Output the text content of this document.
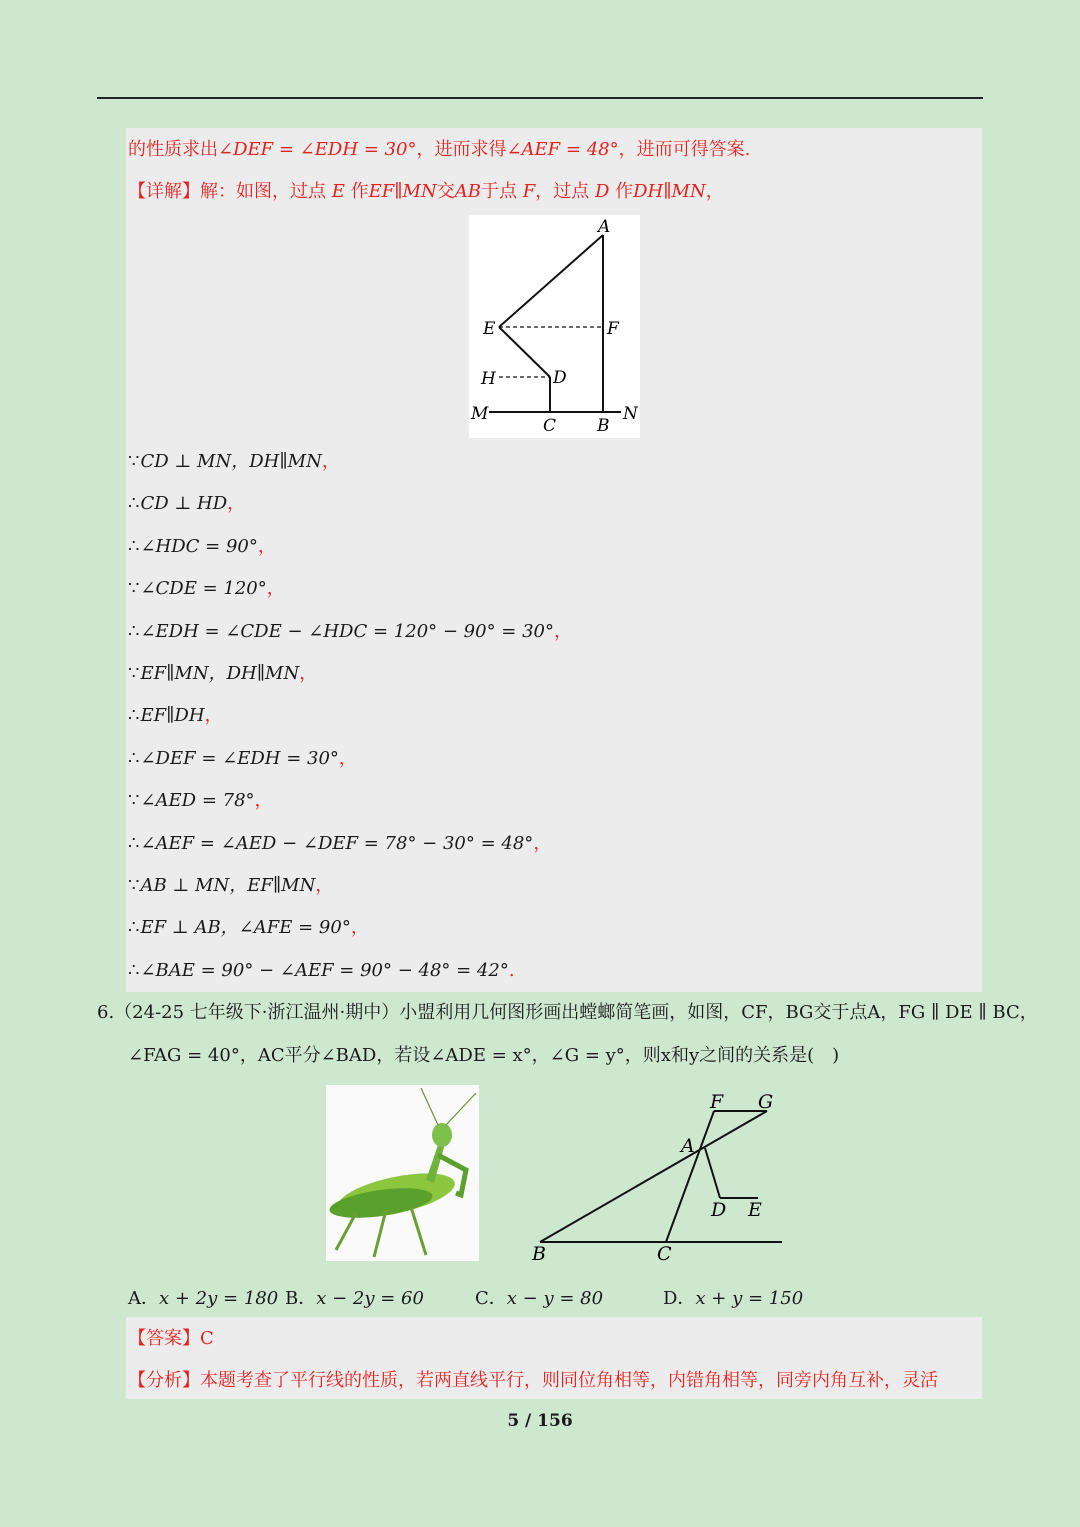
的性质求出∠DEF = ∠EDH = 30°，进而求得∠AEF = 48°，进而可得答案.
【详解】解：如图，过点 E 作EF∥MN交AB于点 F，过点 D 作DH∥MN，
A
E	F
H	D
M	N
C B
∵CD ⊥ MN，DH∥MN，
∴CD ⊥ HD，
∴∠HDC = 90°，
∵∠CDE = 120°，
∴∠EDH = ∠CDE − ∠HDC = 120° − 90° = 30°，
∵EF∥MN，DH∥MN，
∴EF∥DH，
∴∠DEF = ∠EDH = 30°，
∵∠AED = 78°，
∴∠AEF = ∠AED − ∠DEF = 78° − 30° = 48°，
∵AB ⊥ MN，EF∥MN，
∴EF ⊥ AB，∠AFE = 90°，
∴∠BAE = 90° − ∠AEF = 90° − 48° = 42°.
6.（24-25 七年级下·浙江温州·期中）小盟利用几何图形画出螳螂简笔画，如图，CF，BG交于点A，FG ∥ DE ∥ BC，
∠FAG = 40°，AC平分∠BAD，若设∠ADE = x°，∠G = y°，则x和y之间的关系是(　)
F G
A
D E
B	C
A．x + 2y = 180 B．x − 2y = 60	C．x − y = 80	D．x + y = 150
【答案】C
【分析】本题考查了平行线的性质，若两直线平行，则同位角相等，内错角相等，同旁内角互补，灵活
5 / 156
